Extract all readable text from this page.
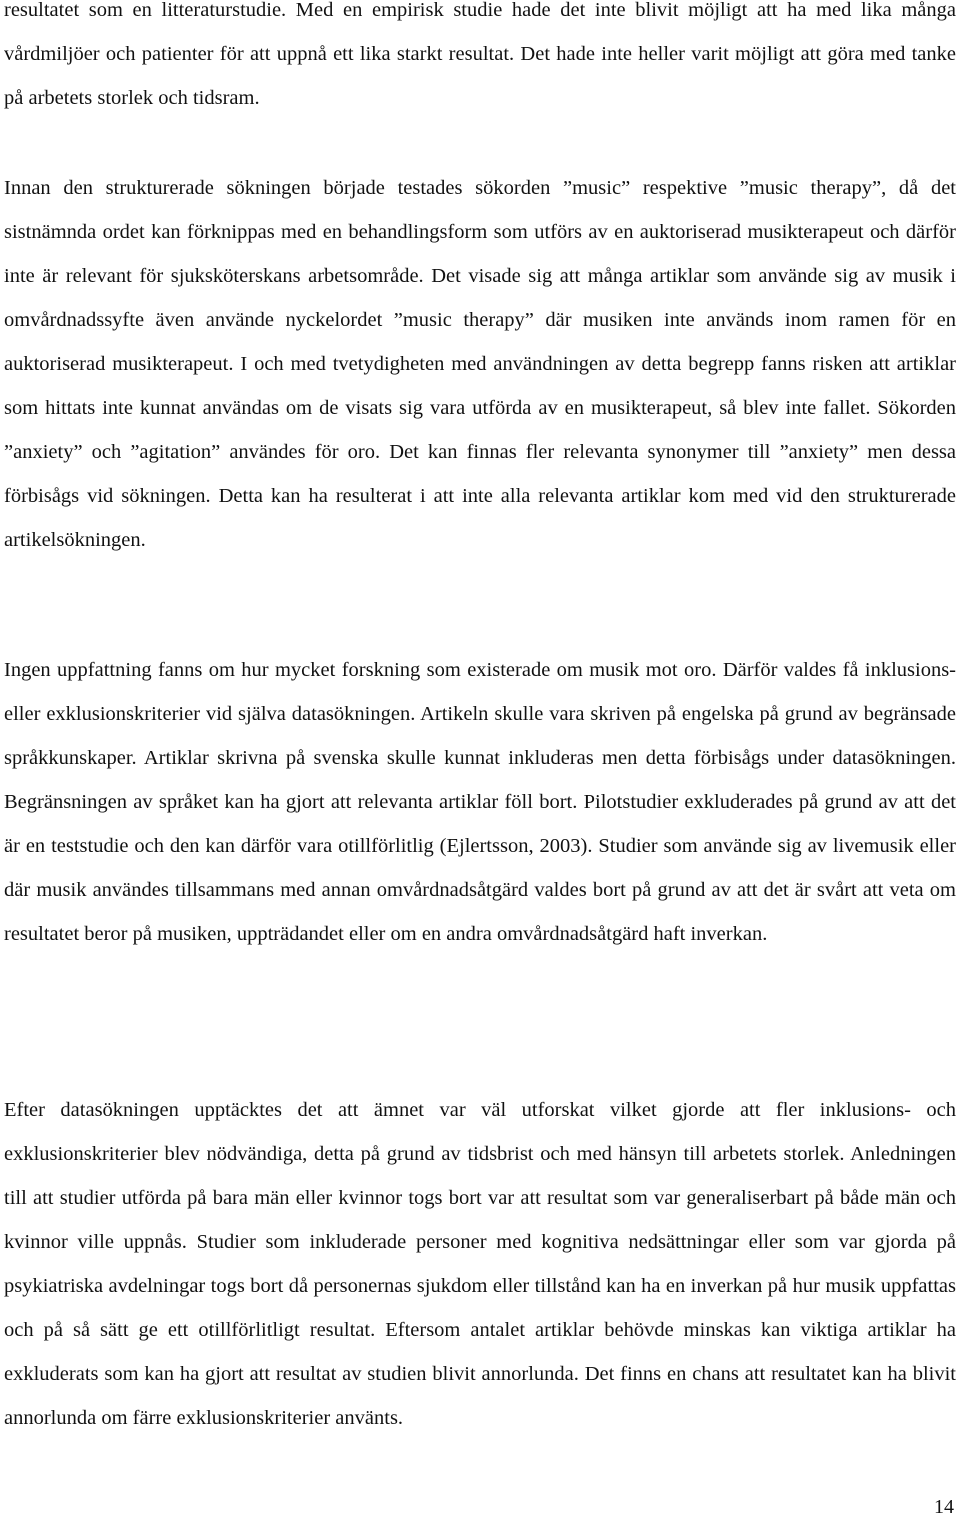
resultatet som en litteraturstudie. Med en empirisk studie hade det inte blivit möjligt att ha med lika många vårdmiljöer och patienter för att uppnå ett lika starkt resultat. Det hade inte heller varit möjligt att göra med tanke på arbetets storlek och tidsram.

Innan den strukturerade sökningen började testades sökorden ”music” respektive ”music therapy”, då det sistnämnda ordet kan förknippas med en behandlingsform som utförs av en auktoriserad musikterapeut och därför inte är relevant för sjuksköterskans arbetsområde. Det visade sig att många artiklar som använde sig av musik i omvårdnadssyfte även använde nyckelordet ”music therapy” där musiken inte används inom ramen för en auktoriserad musikterapeut. I och med tvetydigheten med användningen av detta begrepp fanns risken att artiklar som hittats inte kunnat användas om de visats sig vara utförda av en musikterapeut, så blev inte fallet. Sökorden ”anxiety” och ”agitation” användes för oro. Det kan finnas fler relevanta synonymer till ”anxiety” men dessa förbisågs vid sökningen. Detta kan ha resulterat i att inte alla relevanta artiklar kom med vid den strukturerade artikelsökningen.

Ingen uppfattning fanns om hur mycket forskning som existerade om musik mot oro. Därför valdes få inklusions- eller exklusionskriterier vid själva datasökningen. Artikeln skulle vara skriven på engelska på grund av begränsade språkkunskaper. Artiklar skrivna på svenska skulle kunnat inkluderas men detta förbisågs under datasökningen. Begränsningen av språket kan ha gjort att relevanta artiklar föll bort. Pilotstudier exkluderades på grund av att det är en teststudie och den kan därför vara otillförlitlig (Ejlertsson, 2003). Studier som använde sig av livemusik eller där musik användes tillsammans med annan omvårdnadsåtgärd valdes bort på grund av att det är svårt att veta om resultatet beror på musiken, uppträdandet eller om en andra omvårdnadsåtgärd haft inverkan.

Efter datasökningen upptäcktes det att ämnet var väl utforskat vilket gjorde att fler inklusions- och exklusionskriterier blev nödvändiga, detta på grund av tidsbrist och med hänsyn till arbetets storlek. Anledningen till att studier utförda på bara män eller kvinnor togs bort var att resultat som var generaliserbart på både män och kvinnor ville uppnås. Studier som inkluderade personer med kognitiva nedsättningar eller som var gjorda på psykiatriska avdelningar togs bort då personernas sjukdom eller tillstånd kan ha en inverkan på hur musik uppfattas och på så sätt ge ett otillförlitligt resultat. Eftersom antalet artiklar behövde minskas kan viktiga artiklar ha exkluderats som kan ha gjort att resultat av studien blivit annorlunda. Det finns en chans att resultatet kan ha blivit annorlunda om färre exklusionskriterier använts.

14
